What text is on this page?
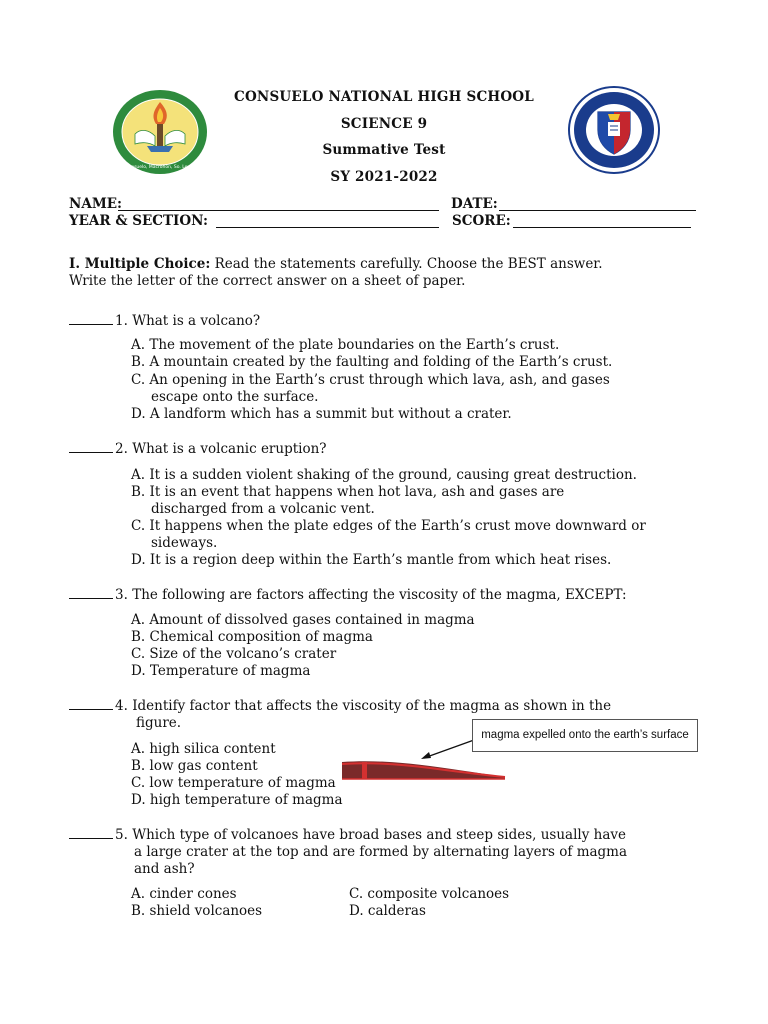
Consuelo, Macrohon, So. Leyte
CONSUELO NATIONAL HIGH SCHOOL
SCIENCE 9
Summative Test
SY 2021-2022
NAME:	DATE:
YEAR & SECTION:	SCORE:
I. Multiple Choice: Read the statements carefully. Choose the BEST answer.
Write the letter of the correct answer on a sheet of paper.
1. What is a volcano?
A. The movement of the plate boundaries on the Earth’s crust.
B. A mountain created by the faulting and folding of the Earth’s crust.
C. An opening in the Earth’s crust through which lava, ash, and gases
escape onto the surface.
D. A landform which has a summit but without a crater.
2. What is a volcanic eruption?
A. It is a sudden violent shaking of the ground, causing great destruction.
B. It is an event that happens when hot lava, ash and gases are
discharged from a volcanic vent.
C. It happens when the plate edges of the Earth’s crust move downward or
sideways.
D. It is a region deep within the Earth’s mantle from which heat rises.
3. The following are factors affecting the viscosity of the magma, EXCEPT:
A. Amount of dissolved gases contained in magma
B. Chemical composition of magma
C. Size of the volcano’s crater
D. Temperature of magma
4. Identify factor that affects the viscosity of the magma as shown in the
figure.
magma expelled onto the earth’s surface
A. high silica content
B. low gas content
C. low temperature of magma
D. high temperature of magma
5. Which type of volcanoes have broad bases and steep sides, usually have
a large crater at the top and are formed by alternating layers of magma
and ash?
A. cinder cones	C. composite volcanoes
B. shield volcanoes	D. calderas
